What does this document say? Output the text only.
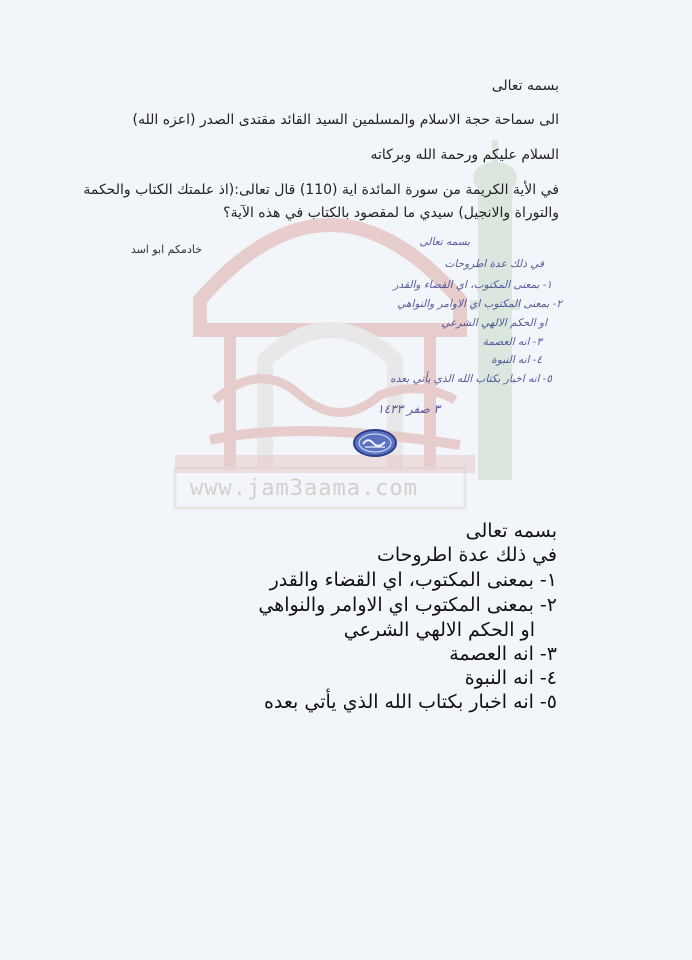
www.jam3aama.com
بسمه تعالى
الى سماحة حجة الاسلام والمسلمين السيد القائد مقتدى الصدر (اعزه الله)
السلام عليكم ورحمة الله وبركاته
في الأية الكريمة من سورة المائدة اية (110) قال تعالى:(اذ علمتك الكتاب والحكمة
والتوراة والانجيل) سيدي ما لمقصود بالكتاب في هذه الآية؟
خادمكم ابو اسد
بسمه تعالى
في ذلك عدة اطروحات
١- بمعنى المكتوب، اي القضاء والقدر
٢- بمعنى المكتوب اي الاوامر والنواهي
او الحكم الالهي الشرعي
٣- انه العصمة
٤- انه النبوة
٥- انه اخبار بكتاب الله الذي يأتي بعده
٣ صفر ١٤٣٣
بسمه تعالى
في ذلك عدة اطروحات
١- بمعنى المكتوب، اي القضاء والقدر
٢- بمعنى المكتوب اي الاوامر والنواهي
او الحكم الالهي الشرعي
٣- انه العصمة
٤- انه النبوة
٥- انه اخبار بكتاب الله الذي يأتي بعده
